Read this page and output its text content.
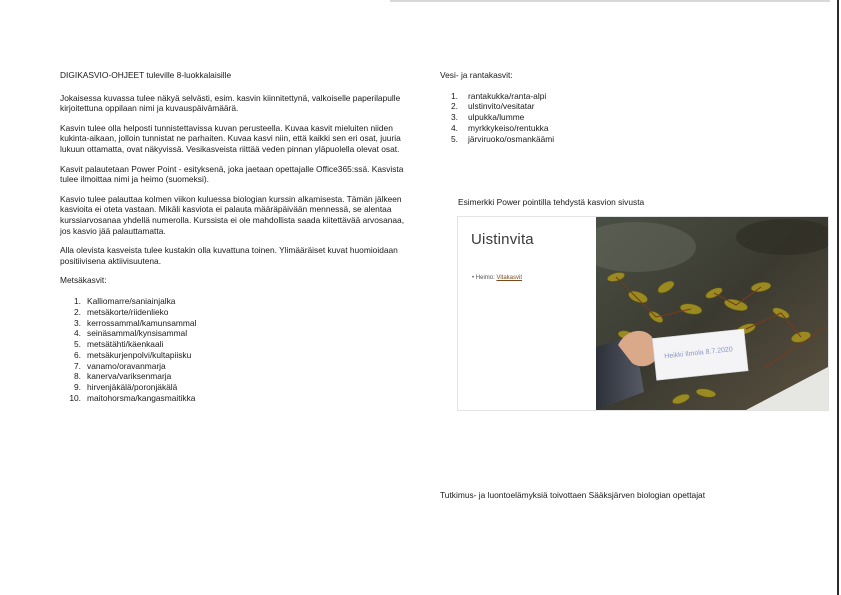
DIGIKASVIO-OHJEET tuleville 8-luokkalaisille

Jokaisessa kuvassa tulee näkyä selvästi, esim. kasvin kiinnitettynä, valkoiselle paperilapulle kirjoitettuna oppilaan nimi ja kuvauspäivämäärä.

Kasvin tulee olla helposti tunnistettavissa kuvan perusteella. Kuvaa kasvit mieluiten niiden kukinta-aikaan, jolloin tunnistat ne parhaiten. Kuvaa kasvi niin, että kaikki sen eri osat, juuria lukuun ottamatta, ovat näkyvissä. Vesikasveista riittää veden pinnan yläpuolella olevat osat.

Kasvit palautetaan Power Point - esityksenä, joka jaetaan opettajalle Office365:ssä. Kasvista tulee ilmoittaa nimi ja heimo (suomeksi).

Kasvio tulee palauttaa kolmen viikon kuluessa biologian kurssin alkamisesta. Tämän jälkeen kasvioita ei oteta vastaan. Mikäli kasviota ei palauta määräpäivään mennessä, se alentaa kurssiarvosanaa yhdellä numerolla. Kurssista ei ole mahdollista saada kiitettävää arvosanaa, jos kasvio jää palauttamatta.

Alla olevista kasveista tulee kustakin olla kuvattuna toinen. Ylimääräiset kuvat huomioidaan positiivisena aktiivisuutena.

Metsäkasvit:

1. Kalliomarre/saniainjalka
2. metsäkorte/riidenlieko
3. kerrossammal/kamunsammal
4. seinäsammal/kynsisammal
5. metsätähti/käenkaali
6. metsäkurjenpolvi/kultapiisku
7. vanamo/oravanmarja
8. kanerva/variksenmarja
9. hirvenjäkälä/poronjäkälä
10. maitohorsma/kangasmaitikka

Vesi- ja rantakasvit:

1.	rantakukka/ranta-alpi
2.	ulstinvito/vesitatar
3.	ulpukka/lumme
4.	myrkkykeiso/rentukka
5.	järviruoko/osmankäämi

Esimerkki Power pointilla tehdystä kasvion sivusta

Uistinvita
• Heimo: Vitakasvit
Heikki Ilmola 8.7.2020
Tutkimus- ja luontoelämyksiä toivottaen Sääksjärven biologian opettajat
